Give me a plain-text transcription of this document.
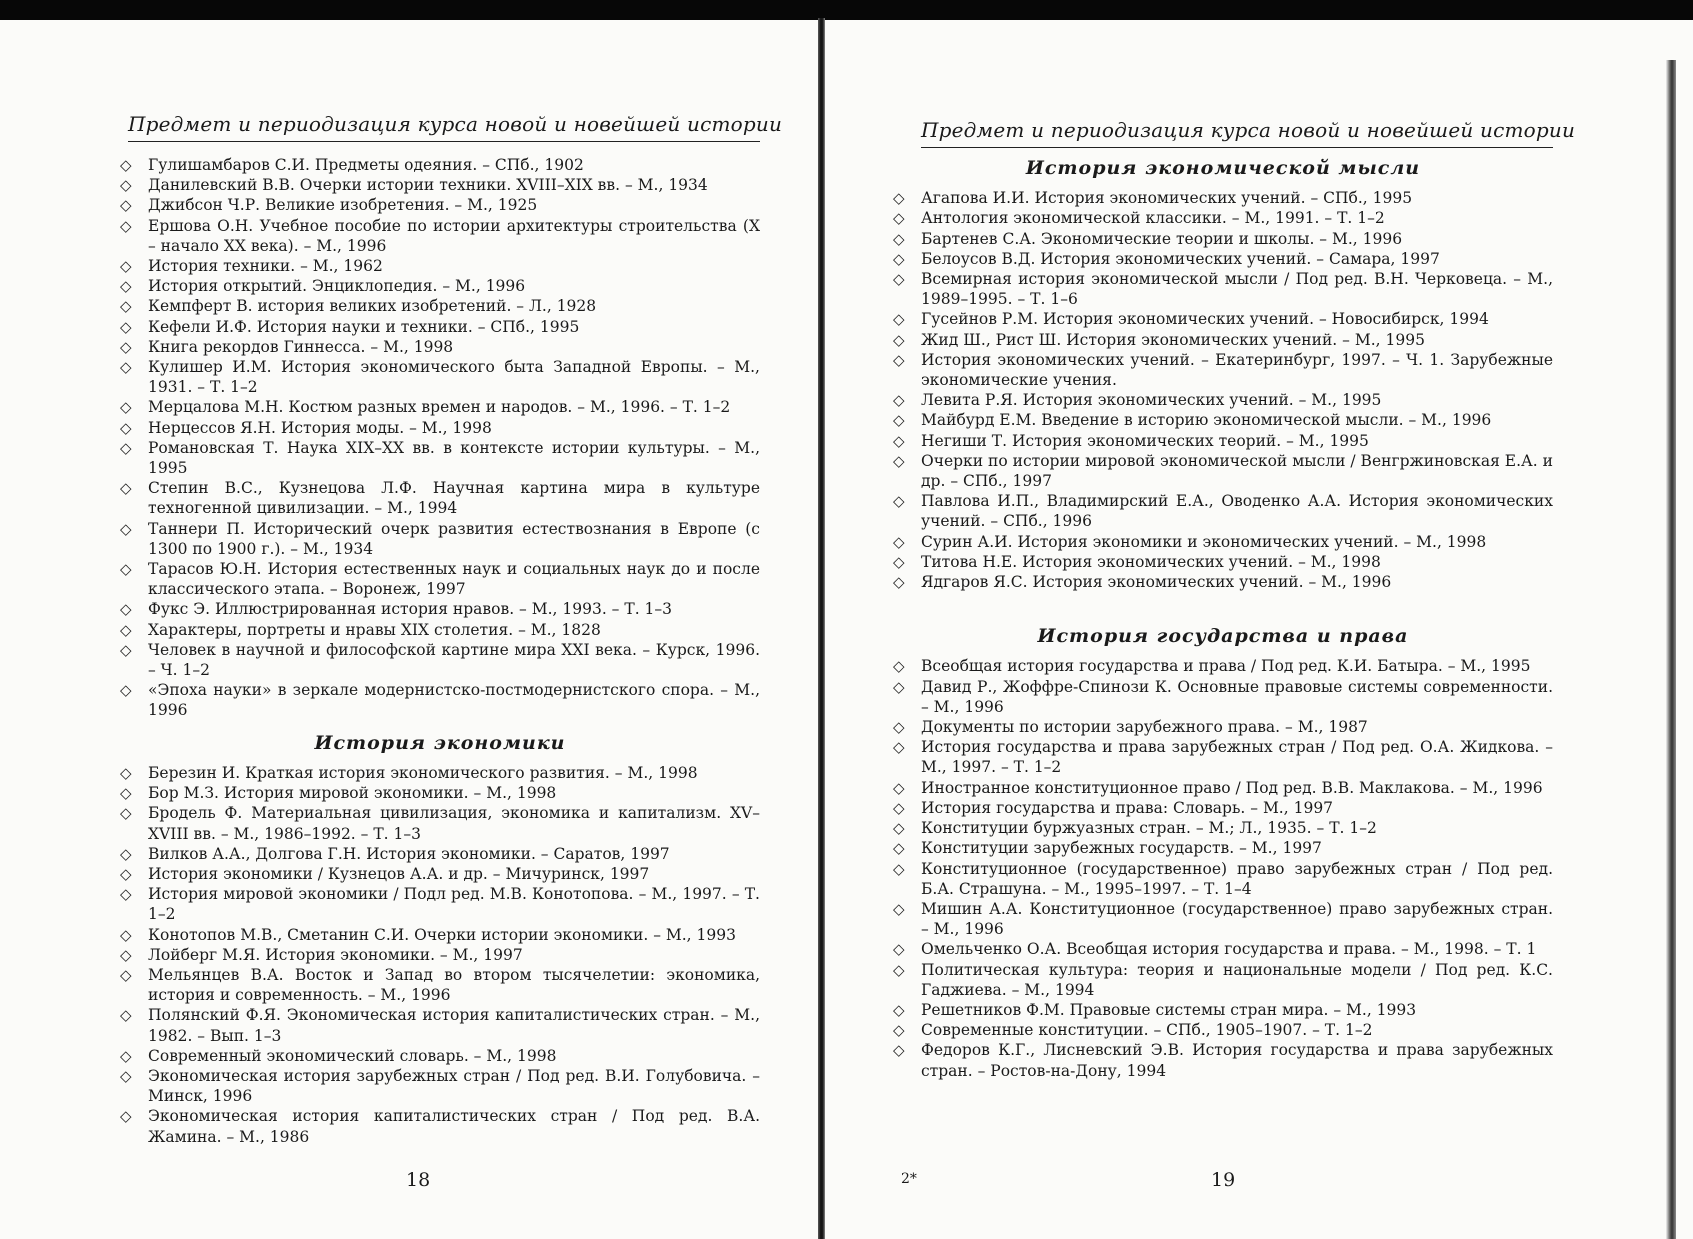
Предмет и периодизация курса новой и новейшей истории
◇ Гулишамбаров С.И. Предметы одеяния. – СПб., 1902
◇ Данилевский В.В. Очерки истории техники. XVIII–XIX вв. – М., 1934
◇ Джибсон Ч.Р. Великие изобретения. – М., 1925
◇ Ершова О.Н. Учебное пособие по истории архитектуры строительства (Х – начало ХХ века). – М., 1996
◇ История техники. – М., 1962
◇ История открытий. Энциклопедия. – М., 1996
◇ Кемпферт В. история великих изобретений. – Л., 1928
◇ Кефели И.Ф. История науки и техники. – СПб., 1995
◇ Книга рекордов Гиннесса. – М., 1998
◇ Кулишер И.М. История экономического быта Западной Европы. – М., 1931. – Т. 1–2
◇ Мерцалова М.Н. Костюм разных времен и народов. – М., 1996. – Т. 1–2
◇ Нерцессов Я.Н. История моды. – М., 1998
◇ Романовская Т. Наука XIX–XX вв. в контексте истории культуры. – М., 1995
◇ Степин В.С., Кузнецова Л.Ф. Научная картина мира в культуре техногенной цивилизации. – М., 1994
◇ Таннери П. Исторический очерк развития естествознания в Европе (с 1300 по 1900 г.). – М., 1934
◇ Тарасов Ю.Н. История естественных наук и социальных наук до и после классического этапа. – Воронеж, 1997
◇ Фукс Э. Иллюстрированная история нравов. – М., 1993. – Т. 1–3
◇ Характеры, портреты и нравы XIX столетия. – М., 1828
◇ Человек в научной и философской картине мира XXI века. – Курск, 1996. – Ч. 1–2
◇ «Эпоха науки» в зеркале модернистско-постмодернистского спора. – М., 1996
История экономики
◇ Березин И. Краткая история экономического развития. – М., 1998
◇ Бор М.З. История мировой экономики. – М., 1998
◇ Бродель Ф. Материальная цивилизация, экономика и капитализм. XV–XVIII вв. – М., 1986–1992. – Т. 1–3
◇ Вилков А.А., Долгова Г.Н. История экономики. – Саратов, 1997
◇ История экономики / Кузнецов А.А. и др. – Мичуринск, 1997
◇ История мировой экономики / Подл ред. М.В. Конотопова. – М., 1997. – Т. 1–2
◇ Конотопов М.В., Сметанин С.И. Очерки истории экономики. – М., 1993
◇ Лойберг М.Я. История экономики. – М., 1997
◇ Мельянцев В.А. Восток и Запад во втором тысячелетии: экономика, история и современность. – М., 1996
◇ Полянский Ф.Я. Экономическая история капиталистических стран. – М., 1982. – Вып. 1–3
◇ Современный экономический словарь. – М., 1998
◇ Экономическая история зарубежных стран / Под ред. В.И. Голубовича. – Минск, 1996
◇ Экономическая история капиталистических стран / Под ред. В.А. Жамина. – М., 1986
18
Предмет и периодизация курса новой и новейшей истории
История экономической мысли
◇ Агапова И.И. История экономических учений. – СПб., 1995
◇ Антология экономической классики. – М., 1991. – Т. 1–2
◇ Бартенев С.А. Экономические теории и школы. – М., 1996
◇ Белоусов В.Д. История экономических учений. – Самара, 1997
◇ Всемирная история экономической мысли / Под ред. В.Н. Черковеца. – М., 1989–1995. – Т. 1–6
◇ Гусейнов Р.М. История экономических учений. – Новосибирск, 1994
◇ Жид Ш., Рист Ш. История экономических учений. – М., 1995
◇ История экономических учений. – Екатеринбург, 1997. – Ч. 1. Зарубежные экономические учения.
◇ Левита Р.Я. История экономических учений. – М., 1995
◇ Майбурд Е.М. Введение в историю экономической мысли. – М., 1996
◇ Негиши Т. История экономических теорий. – М., 1995
◇ Очерки по истории мировой экономической мысли / Венгржиновская Е.А. и др. – СПб., 1997
◇ Павлова И.П., Владимирский Е.А., Оводенко А.А. История экономических учений. – СПб., 1996
◇ Сурин А.И. История экономики и экономических учений. – М., 1998
◇ Титова Н.Е. История экономических учений. – М., 1998
◇ Ядгаров Я.С. История экономических учений. – М., 1996
История государства и права
◇ Всеобщая история государства и права / Под ред. К.И. Батыра. – М., 1995
◇ Давид Р., Жоффре-Спинози К. Основные правовые системы современности. – М., 1996
◇ Документы по истории зарубежного права. – М., 1987
◇ История государства и права зарубежных стран / Под ред. О.А. Жидкова. – М., 1997. – Т. 1–2
◇ Иностранное конституционное право / Под ред. В.В. Маклакова. – М., 1996
◇ История государства и права: Словарь. – М., 1997
◇ Конституции буржуазных стран. – М.; Л., 1935. – Т. 1–2
◇ Конституции зарубежных государств. – М., 1997
◇ Конституционное (государственное) право зарубежных стран / Под ред. Б.А. Страшуна. – М., 1995–1997. – Т. 1–4
◇ Мишин А.А. Конституционное (государственное) право зарубежных стран. – М., 1996
◇ Омельченко О.А. Всеобщая история государства и права. – М., 1998. – Т. 1
◇ Политическая культура: теория и национальные модели / Под ред. К.С. Гаджиева. – М., 1994
◇ Решетников Ф.М. Правовые системы стран мира. – М., 1993
◇ Современные конституции. – СПб., 1905–1907. – Т. 1–2
◇ Федоров К.Г., Лисневский Э.В. История государства и права зарубежных стран. – Ростов-на-Дону, 1994
2*	19
